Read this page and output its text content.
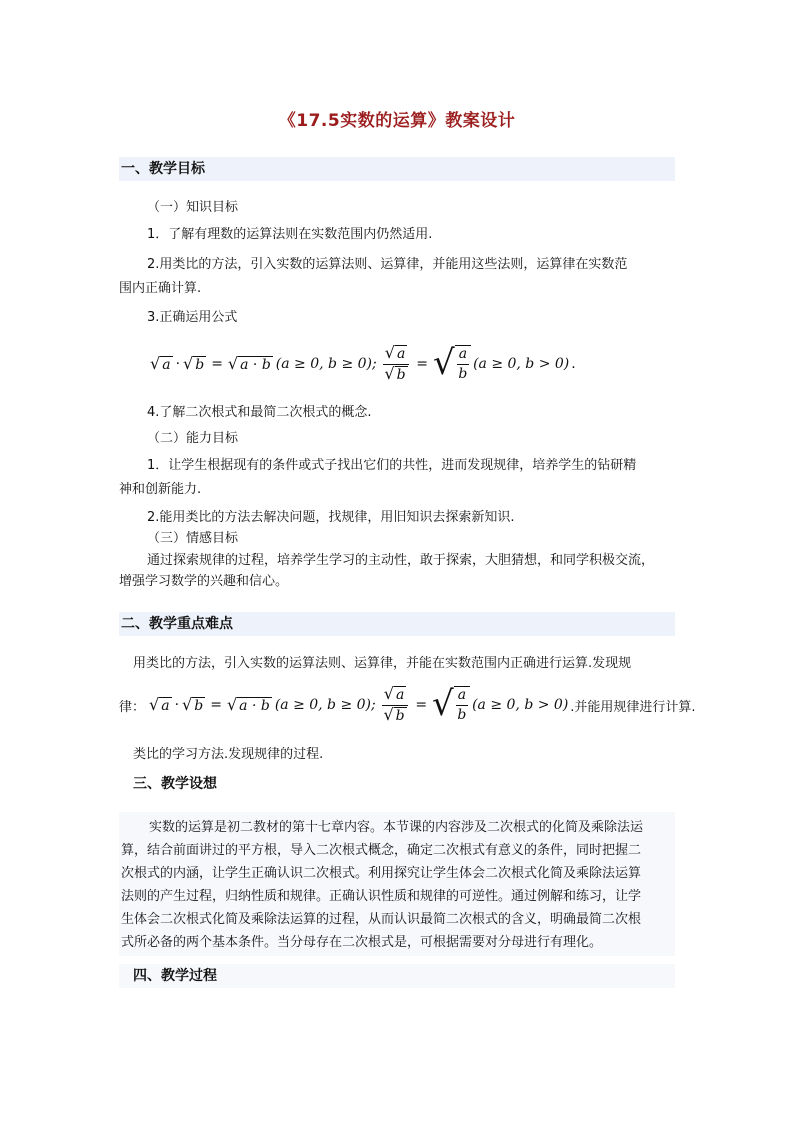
《17.5实数的运算》教案设计
一、教学目标
（一）知识目标
1．了解有理数的运算法则在实数范围内仍然适用.
2.用类比的方法，引入实数的运算法则、运算律，并能用这些法则，运算律在实数范
围内正确计算.
3.正确运用公式
√ a · √ b = √ a · b (a ≥ 0, b ≥ 0); $\frac{√ a}{√ b}$ = √ $\frac{a}{b} (a \ge 0$, b > 0) .
4.了解二次根式和最简二次根式的概念.
（二）能力目标
1．让学生根据现有的条件或式子找出它们的共性，进而发现规律，培养学生的钻研精
神和创新能力.
2.能用类比的方法去解决问题，找规律，用旧知识去探索新知识.
（三）情感目标
通过探索规律的过程，培养学生学习的主动性，敢于探索，大胆猜想，和同学积极交流，
增强学习数学的兴趣和信心。
二、教学重点难点
用类比的方法，引入实数的运算法则、运算律，并能在实数范围内正确进行运算.发现规
律： √ a · √ b = √ a · b (a ≥ 0, b ≥ 0); $\frac{√ a}{√ b}$ = √ $\frac{a}{b} (a \ge 0$, b > 0) .并能用规律进行计算.
类比的学习方法.发现规律的过程.
三、教学设想
实数的运算是初二教材的第十七章内容。本节课的内容涉及二次根式的化简及乘除法运
算，结合前面讲过的平方根，导入二次根式概念，确定二次根式有意义的条件，同时把握二
次根式的内涵，让学生正确认识二次根式。利用探究让学生体会二次根式化简及乘除法运算
法则的产生过程，归纳性质和规律。正确认识性质和规律的可逆性。通过例解和练习，让学
生体会二次根式化简及乘除法运算的过程，从而认识最简二次根式的含义，明确最简二次根
式所必备的两个基本条件。当分母存在二次根式是，可根据需要对分母进行有理化。
四、教学过程
